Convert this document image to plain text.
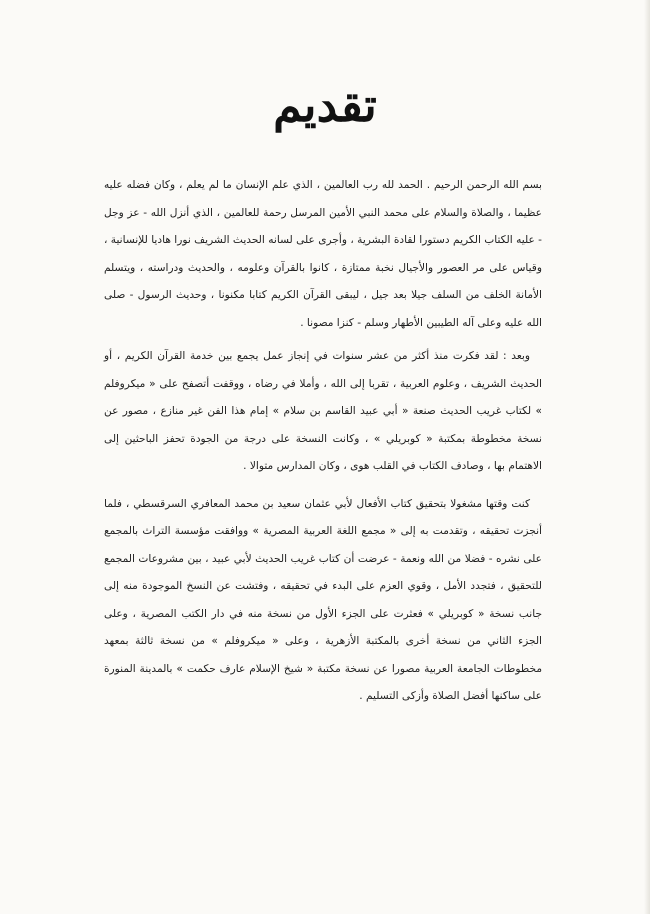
تقديم

بسم الله الرحمن الرحيم . الحمد لله رب العالمين ، الذي علم الإنسان ما لم يعلم ، وكان فضله عليه عظيما ، والصلاة والسلام على محمد النبي الأمين المرسل رحمة للعالمين ، الذي أنزل الله - عز وجل - عليه الكتاب الكريم دستورا لقادة البشرية ، وأجرى على لسانه الحديث الشريف نورا هاديا للإنسانية ، وقياس على مر العصور والأجيال نخبة ممتازة ، كانوا بالقرآن وعلومه ، والحديث ودراسته ، ويتسلم الأمانة الخلف من السلف جيلا بعد جيل ، ليبقى القرآن الكريم كتابا مكنونا ، وحديث الرسول - صلى الله عليه وعلى آله الطيبين الأطهار وسلم - كنزا مصونا .

وبعد : لقد فكرت منذ أكثر من عشر سنوات في إنجاز عمل يجمع بين خدمة القرآن الكريم ، أو الحديث الشريف ، وعلوم العربية ، تقربا إلى الله ، وأملا في رضاه ، ووقفت أتصفح على « ميكروفلم » لكتاب غريب الحديث صنعة « أبي عبيد القاسم بن سلام » إمام هذا الفن غير منازع ، مصور عن نسخة مخطوطة بمكتبة « كوبريلي » ، وكانت النسخة على درجة من الجودة تحفز الباحثين إلى الاهتمام بها ، وصادف الكتاب في القلب هوى ، وكان المدارس متوالا .

كنت وقتها مشغولا بتحقيق كتاب الأفعال لأبي عثمان سعيد بن محمد المعافري السرقسطي ، فلما أنجزت تحقيقه ، وتقدمت به إلى « مجمع اللغة العربية المصرية » ووافقت مؤسسة التراث بالمجمع على نشره - فضلا من الله ونعمة - عرضت أن كتاب غريب الحديث لأبي عبيد ، بين مشروعات المجمع للتحقيق ، فتجدد الأمل ، وقوي العزم على البدء في تحقيقه ، وفتشت عن النسخ الموجودة منه إلى جانب نسخة « كوبريلي » فعثرت على الجزء الأول من نسخة منه في دار الكتب المصرية ، وعلى الجزء الثاني من نسخة أخرى بالمكتبة الأزهرية ، وعلى « ميكروفلم » من نسخة ثالثة بمعهد مخطوطات الجامعة العربية مصورا عن نسخة مكتبة « شيخ الإسلام عارف حكمت » بالمدينة المنورة على ساكنها أفضل الصلاة وأزكى التسليم .
